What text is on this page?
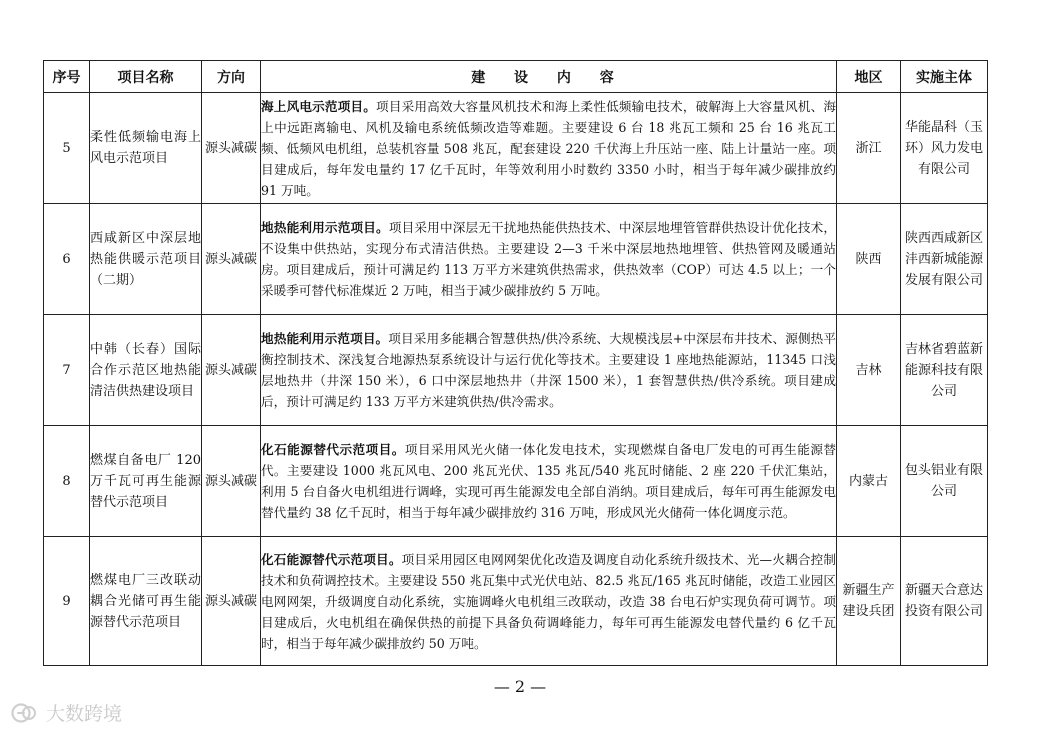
序号	项目名称	方向	建 设 内 容	地区	实施主体
5	柔性低频输电海上风电示范项目	源头减碳	海上风电示范项目。项目采用高效大容量风机技术和海上柔性低频输电技术，破解海上大容量风机、海上中远距离输电、风机及输电系统低频改造等难题。主要建设 6 台 18 兆瓦工频和 25 台 16 兆瓦工频、低频风电机组，总装机容量 508 兆瓦，配套建设 220 千伏海上升压站一座、陆上计量站一座。项目建成后，每年发电量约 17 亿千瓦时，年等效利用小时数约 3350 小时，相当于每年减少碳排放约 91 万吨。	浙江	华能晶科（玉环）风力发电有限公司
6	西咸新区中深层地热能供暖示范项目（二期）	源头减碳	地热能利用示范项目。项目采用中深层无干扰地热能供热技术、中深层地埋管管群供热设计优化技术，不设集中供热站，实现分布式清洁供热。主要建设 2—3 千米中深层地热地埋管、供热管网及暖通站房。项目建成后，预计可满足约 113 万平方米建筑供热需求，供热效率（COP）可达 4.5 以上；一个采暖季可替代标准煤近 2 万吨，相当于减少碳排放约 5 万吨。	陕西	陕西西咸新区沣西新城能源发展有限公司
7	中韩（长春）国际合作示范区地热能清洁供热建设项目	源头减碳	地热能利用示范项目。项目采用多能耦合智慧供热/供冷系统、大规模浅层+中深层布井技术、源侧热平衡控制技术、深浅复合地源热泵系统设计与运行优化等技术。主要建设 1 座地热能源站，11345 口浅层地热井（井深 150 米），6 口中深层地热井（井深 1500 米），1 套智慧供热/供冷系统。项目建成后，预计可满足约 133 万平方米建筑供热/供冷需求。	吉林	吉林省碧蓝新能源科技有限公司
8	燃煤自备电厂 120 万千瓦可再生能源替代示范项目	源头减碳	化石能源替代示范项目。项目采用风光火储一体化发电技术，实现燃煤自备电厂发电的可再生能源替代。主要建设 1000 兆瓦风电、200 兆瓦光伏、135 兆瓦/540 兆瓦时储能、2 座 220 千伏汇集站，利用 5 台自备火电机组进行调峰，实现可再生能源发电全部自消纳。项目建成后，每年可再生能源发电替代量约 38 亿千瓦时，相当于每年减少碳排放约 316 万吨，形成风光火储荷一体化调度示范。	内蒙古	包头铝业有限公司
9	燃煤电厂三改联动耦合光储可再生能源替代示范项目	源头减碳	化石能源替代示范项目。项目采用园区电网网架优化改造及调度自动化系统升级技术、光—火耦合控制技术和负荷调控技术。主要建设 550 兆瓦集中式光伏电站、82.5 兆瓦/165 兆瓦时储能，改造工业园区电网网架，升级调度自动化系统，实施调峰火电机组三改联动，改造 38 台电石炉实现负荷可调节。项目建成后，火电机组在确保供热的前提下具备负荷调峰能力，每年可再生能源发电替代量约 6 亿千瓦时，相当于每年减少碳排放约 50 万吨。	新疆生产建设兵团	新疆天合意达投资有限公司
— 2 —
大数跨境
